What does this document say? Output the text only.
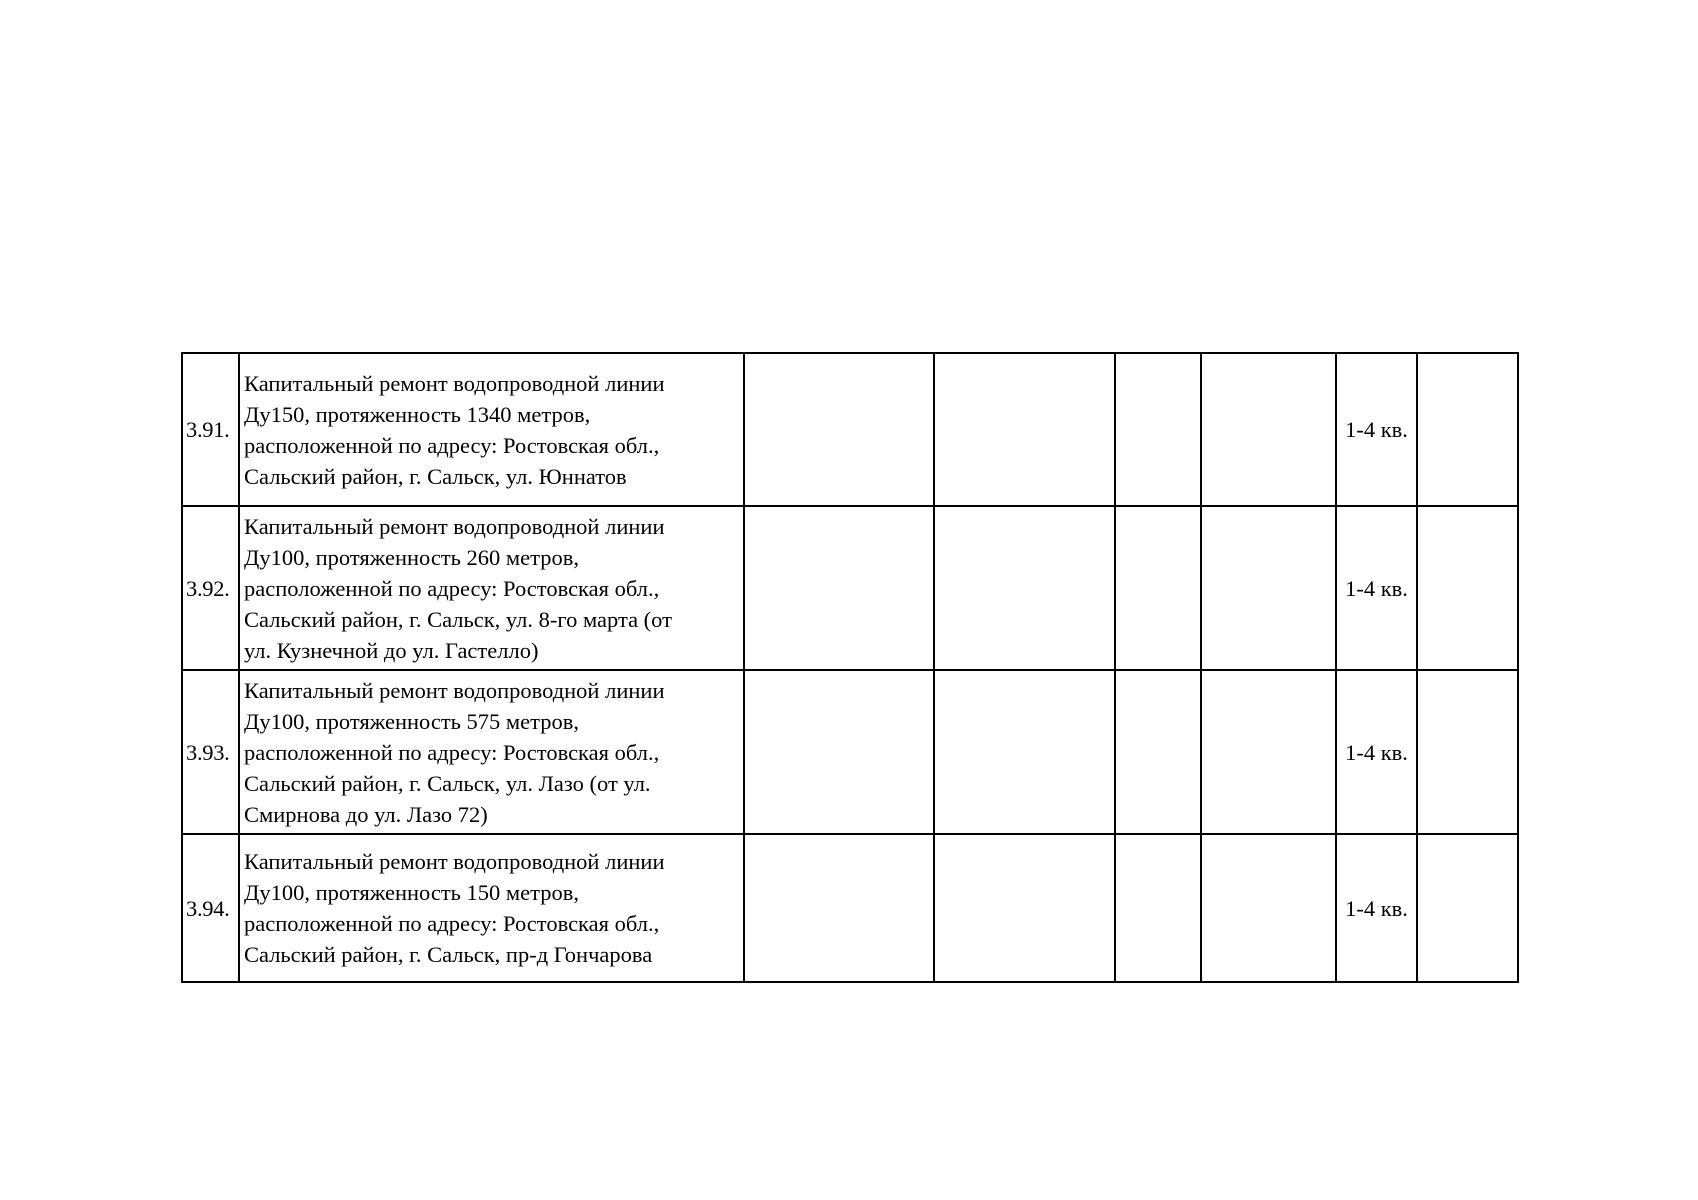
3.91.	Капитальный ремонт водопроводной линии
Ду150, протяженность 1340 метров,
расположенной по адресу: Ростовская обл.,
Сальский район, г. Сальск, ул. Юннатов					1-4 кв.	
3.92.	Капитальный ремонт водопроводной линии
Ду100, протяженность 260 метров,
расположенной по адресу: Ростовская обл.,
Сальский район, г. Сальск, ул. 8-го марта (от
ул. Кузнечной до ул. Гастелло)					1-4 кв.	
3.93.	Капитальный ремонт водопроводной линии
Ду100, протяженность 575 метров,
расположенной по адресу: Ростовская обл.,
Сальский район, г. Сальск, ул. Лазо (от ул.
Смирнова до ул. Лазо 72)					1-4 кв.	
3.94.	Капитальный ремонт водопроводной линии
Ду100, протяженность 150 метров,
расположенной по адресу: Ростовская обл.,
Сальский район, г. Сальск, пр-д Гончарова					1-4 кв.	
